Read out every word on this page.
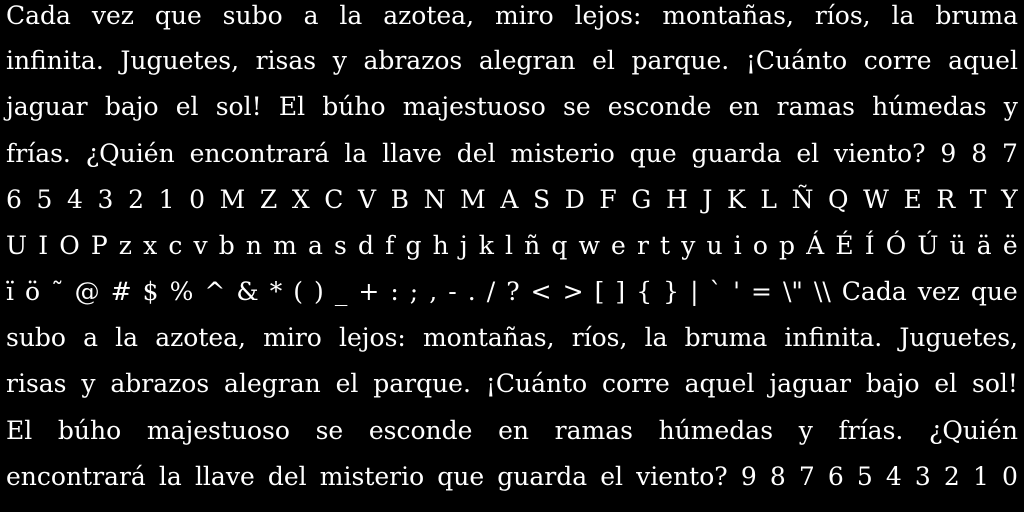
Cada vez que subo a la azotea, miro lejos: montañas, ríos, la bruma
infinita. Juguetes, risas y abrazos alegran el parque. ¡Cuánto corre aquel
jaguar bajo el sol! El búho majestuoso se esconde en ramas húmedas y
frías. ¿Quién encontrará la llave del misterio que guarda el viento? 9 8 7
6 5 4 3 2 1 0 M Z X C V B N M A S D F G H J K L Ñ Q W E R T Y
U I O P z x c v b n m a s d f g h j k l ñ q w e r t y u i o p Á É Í Ó Ú ü ä ë
ï ö ˜ @ # $ % ^ & * ( ) _ + : ; , - . / ? < > [ ] { } | ` ' = \" \\ Cada vez que
subo a la azotea, miro lejos: montañas, ríos, la bruma infinita. Juguetes,
risas y abrazos alegran el parque. ¡Cuánto corre aquel jaguar bajo el sol!
El búho majestuoso se esconde en ramas húmedas y frías. ¿Quién
encontrará la llave del misterio que guarda el viento? 9 8 7 6 5 4 3 2 1 0
